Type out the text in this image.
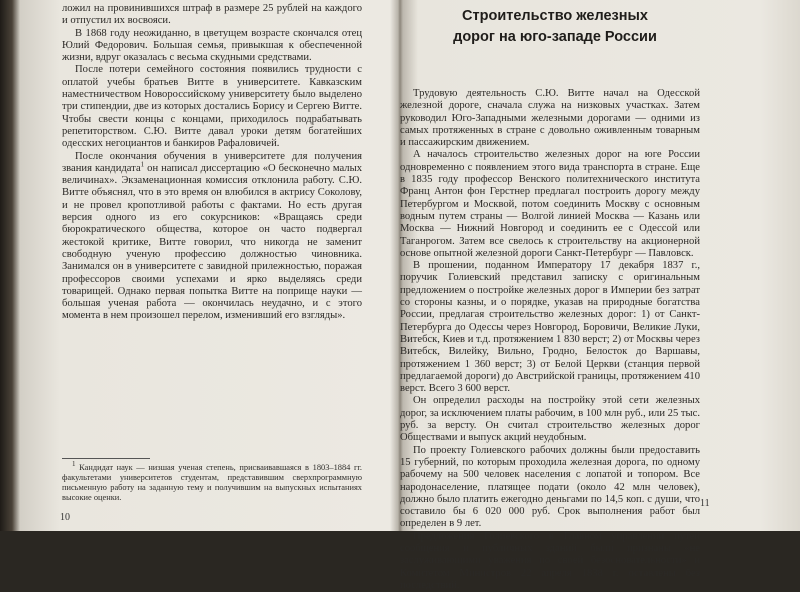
ложил на провинившихся штраф в размере 25 рублей на каждого и отпустил их восвояси.

В 1868 году неожиданно, в цветущем возрасте скончался отец Юлий Федорович. Большая семья, привыкшая к обеспеченной жизни, вдруг оказалась с весьма скудными средствами.

После потери семейного состояния появились трудности с оплатой учебы братьев Витте в университете. Кавказским наместничеством Новороссийскому университету было выделено три стипендии, две из которых достались Борису и Сергею Витте. Чтобы свести концы с концами, приходилось подрабатывать репетиторством. С.Ю. Витте давал уроки детям богатейших одесских негоциантов и банкиров Рафаловичей.

После окончания обучения в университете для получения звания кандидата$^1$ он написал диссертацию «О бесконечно малых величинах». Экзаменационная комиссия отклонила работу. С.Ю. Витте объяснял, что в это время он влюбился в актрису Соколову, и не провел кропотливой работы с фактами. Но есть другая версия одного из его сокурсников: «Вращаясь среди бюрократического общества, которое он часто подвергал жестокой критике, Витте говорил, что никогда не заменит свободную ученую профессию должностью чиновника. Занимался он в университете с завидной прилежностью, поражая профессоров своими успехами и ярко выделяясь среди товарищей. Однако первая попытка Витте на поприще науки — большая ученая работа — окончилась неудачно, и с этого момента в нем произошел перелом, изменивший его взгляды».

$^1$ Кандидат наук — низшая ученая степень, присваивавшаяся в 1803–1884 гг. факультетами университетов студентам, представившим сверхпрограммную письменную работу на заданную тему и получившим на выпускных испытаниях высокие оценки.

10
Строительство железных дорог на юго-западе России

Трудовую деятельность С.Ю. Витте начал на Одесской железной дороге, сначала служа на низковых участках. Затем руководил Юго-Западными железными дорогами — одними из самых протяженных в стране с довольно оживленным товарным и пассажирским движением.

А началось строительство железных дорог на юге России одновременно с появлением этого вида транспорта в стране. Еще в 1835 году профессор Венского политехнического института Франц Антон фон Герстнер предлагал построить дорогу между Петербургом и Москвой, потом соединить Москву с основным водным путем страны — Волгой линией Москва — Казань или Москва — Нижний Новгород и соединить ее с Одессой или Таганрогом. Затем все свелось к строительству на акционерной основе опытной железной дороги Санкт-Петербург — Павловск.

В прошении, поданном Императору 17 декабря 1837 г., поручик Голиевский представил записку с оригинальным предложением о постройке железных дорог в Империи без затрат со стороны казны, и о порядке, указав на природные богатства России, предлагая строительство железных дорог: 1) от Санкт-Петербурга до Одессы через Новгород, Боровичи, Великие Луки, Витебск, Киев и т.д. протяжением 1 830 верст; 2) от Москвы через Витебск, Вилейку, Вильно, Гродно, Белосток до Варшавы, протяжением 1 360 верст; 3) от Белой Церкви (станция первой предлагаемой дороги) до Австрийской границы, протяжением 410 верст. Всего 3 600 верст.

Он определил расходы на постройку этой сети железных дорог, за исключением платы рабочим, в 100 млн руб., или 25 тыс. руб. за версту. Он считал строительство железных дорог Обществами и выпуск акций неудобным.

По проекту Голиевского рабочих должны были предоставить 15 губерний, по которым проходила железная дорога, по одному рабочему на 500 человек населения с лопатой и топором. Все народонаселение, платящее подати (около 42 млн человек), должно было платить ежегодно деньгами по 14,5 коп. с души, что составило бы 6 020 000 руб. Срок выполнения работ был определен в 9 лет.

Предложения Голиевского в Главном управлении путей сообщения и публичных зданий были признаны «не заслуживающими уважения по своей безосновательности» и Комитетом Министров 22 апреля 1838 г. оставлены без последствий.

11
